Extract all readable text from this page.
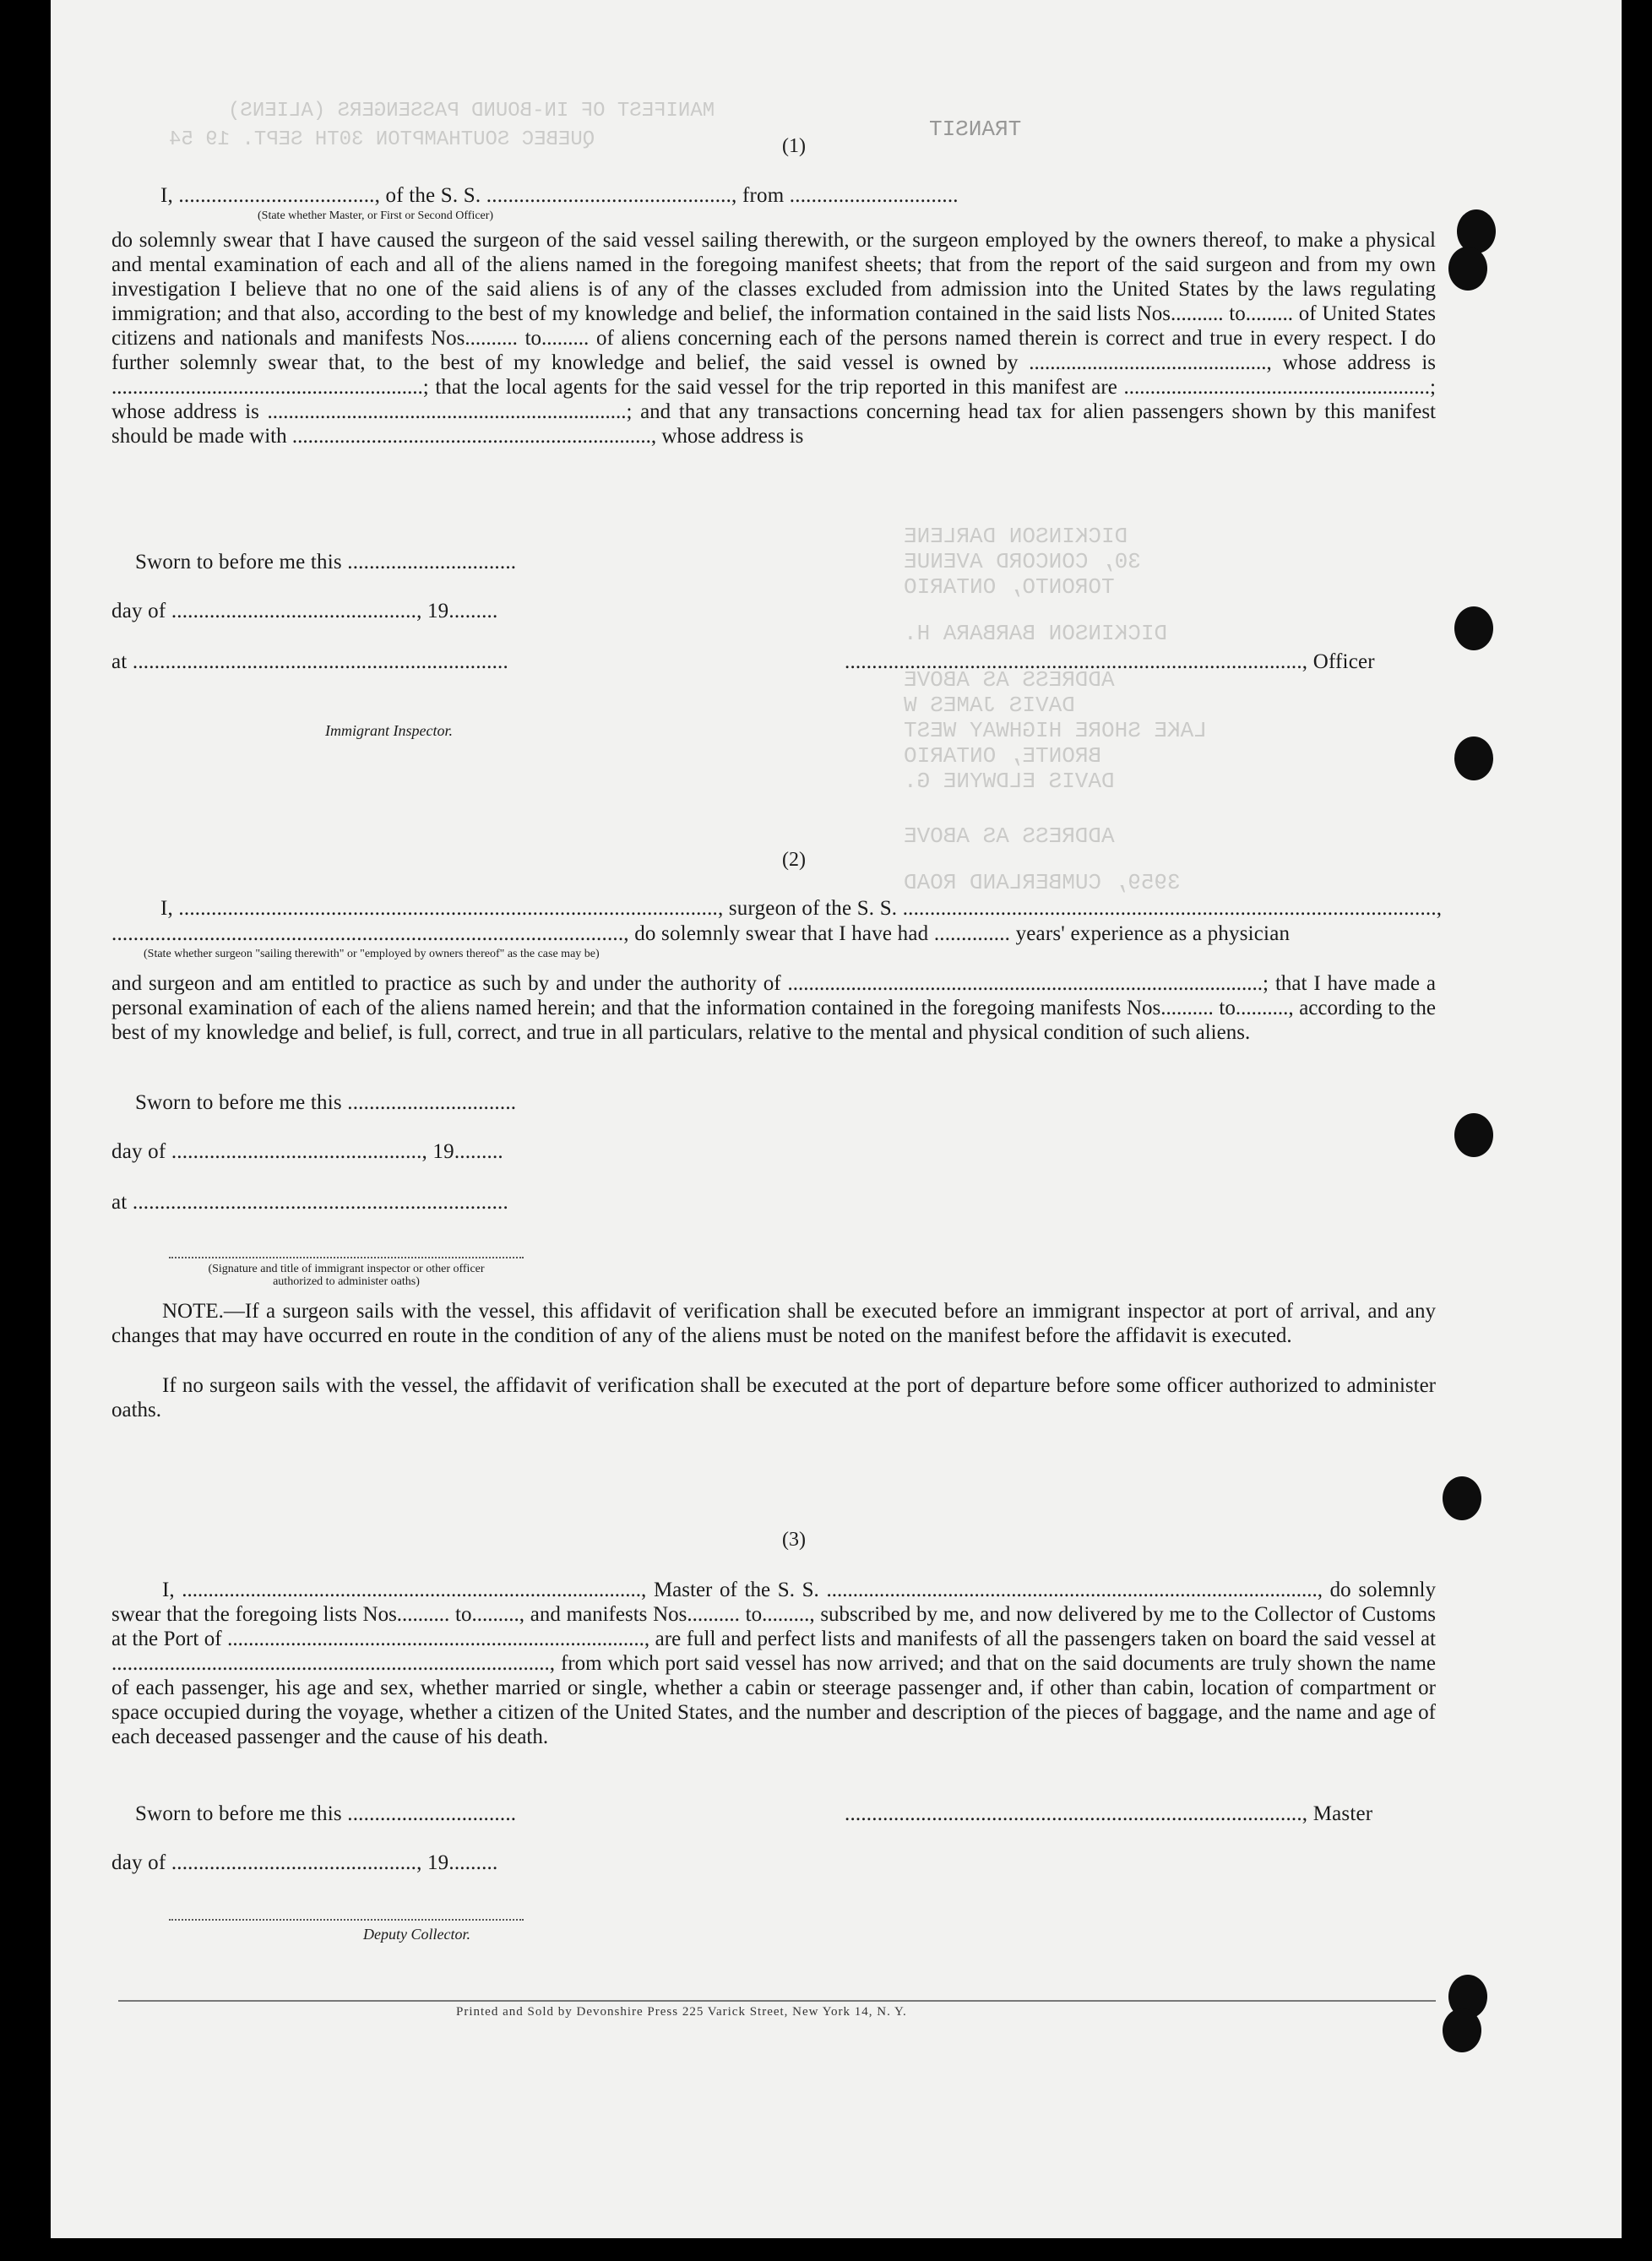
MANIFEST OF IN-BOUND PASSENGERS (ALIENS)
QUEBEC SOUTHAMPTON 30TH SEPT. 19 54	TRANSIT
DICKINSON DARLENE
30, CONCORD AVENUE
TORONTO, ONTARIO
DICKINSON BARBARA H.
ADDRESS AS ABOVE
DAVIS JAMES W
LAKE SHORE HIGHWAY WEST
BRONTE, ONTARIO
DAVIS ELDWYNE G.
ADDRESS AS ABOVE
3959, CUMBERLAND ROAD
(1)
I, ...................................., of the S. S. ............................................., from ...............................
(State whether Master, or First or Second Officer)
do solemnly swear that I have caused the surgeon of the said vessel sailing therewith, or the surgeon employed by the owners thereof, to make a physical and mental examination of each and all of the aliens named in the foregoing manifest sheets; that from the report of the said surgeon and from my own investigation I believe that no one of the said aliens is of any of the classes excluded from admission into the United States by the laws regulating immigration; and that also, according to the best of my knowledge and belief, the information contained in the said lists Nos.......... to......... of United States citizens and nationals and manifests Nos.......... to......... of aliens concerning each of the persons named therein is correct and true in every respect. I do further solemnly swear that, to the best of my knowledge and belief, the said vessel is owned by ............................................., whose address is ...........................................................; that the local agents for the said vessel for the trip reported in this manifest are ..........................................................; whose address is ....................................................................; and that any transactions concerning head tax for alien passengers shown by this manifest should be made with ...................................................................., whose address is
Sworn to before me this ...............................
day of ............................................., 19.........
at .....................................................................	...................................................................................., Officer
Immigrant Inspector.
(2)
I, ..................................................................................................., surgeon of the S. S. ..................................................................................................,
.............................................................................................., do solemnly swear that I have had .............. years' experience as a physician
(State whether surgeon "sailing therewith" or "employed by owners thereof" as the case may be)
and surgeon and am entitled to practice as such by and under the authority of ..........................................................................................; that I have made a personal examination of each of the aliens named herein; and that the information contained in the foregoing manifests Nos.......... to.........., according to the best of my knowledge and belief, is full, correct, and true in all particulars, relative to the mental and physical condition of such aliens.
Sworn to before me this ...............................
day of .............................................., 19.........
at .....................................................................
(Signature and title of immigrant inspector or other officer authorized to administer oaths)
NOTE.—If a surgeon sails with the vessel, this affidavit of verification shall be executed before an immigrant inspector at port of arrival, and any changes that may have occurred en route in the condition of any of the aliens must be noted on the manifest before the affidavit is executed.
If no surgeon sails with the vessel, the affidavit of verification shall be executed at the port of departure before some officer authorized to administer oaths.
(3)
I, ......................................................................................., Master of the S. S. ............................................................................................., do solemnly swear that the foregoing lists Nos.......... to........., and manifests Nos.......... to........., subscribed by me, and now delivered by me to the Collector of Customs at the Port of ..............................................................................., are full and perfect lists and manifests of all the passengers taken on board the said vessel at ..................................................................................., from which port said vessel has now arrived; and that on the said documents are truly shown the name of each passenger, his age and sex, whether married or single, whether a cabin or steerage passenger and, if other than cabin, location of compartment or space occupied during the voyage, whether a citizen of the United States, and the number and description of the pieces of baggage, and the name and age of each deceased passenger and the cause of his death.
Sworn to before me this ...............................	...................................................................................., Master
day of ............................................., 19.........
Deputy Collector.
Printed and Sold by Devonshire Press 225 Varick Street, New York 14, N. Y.
